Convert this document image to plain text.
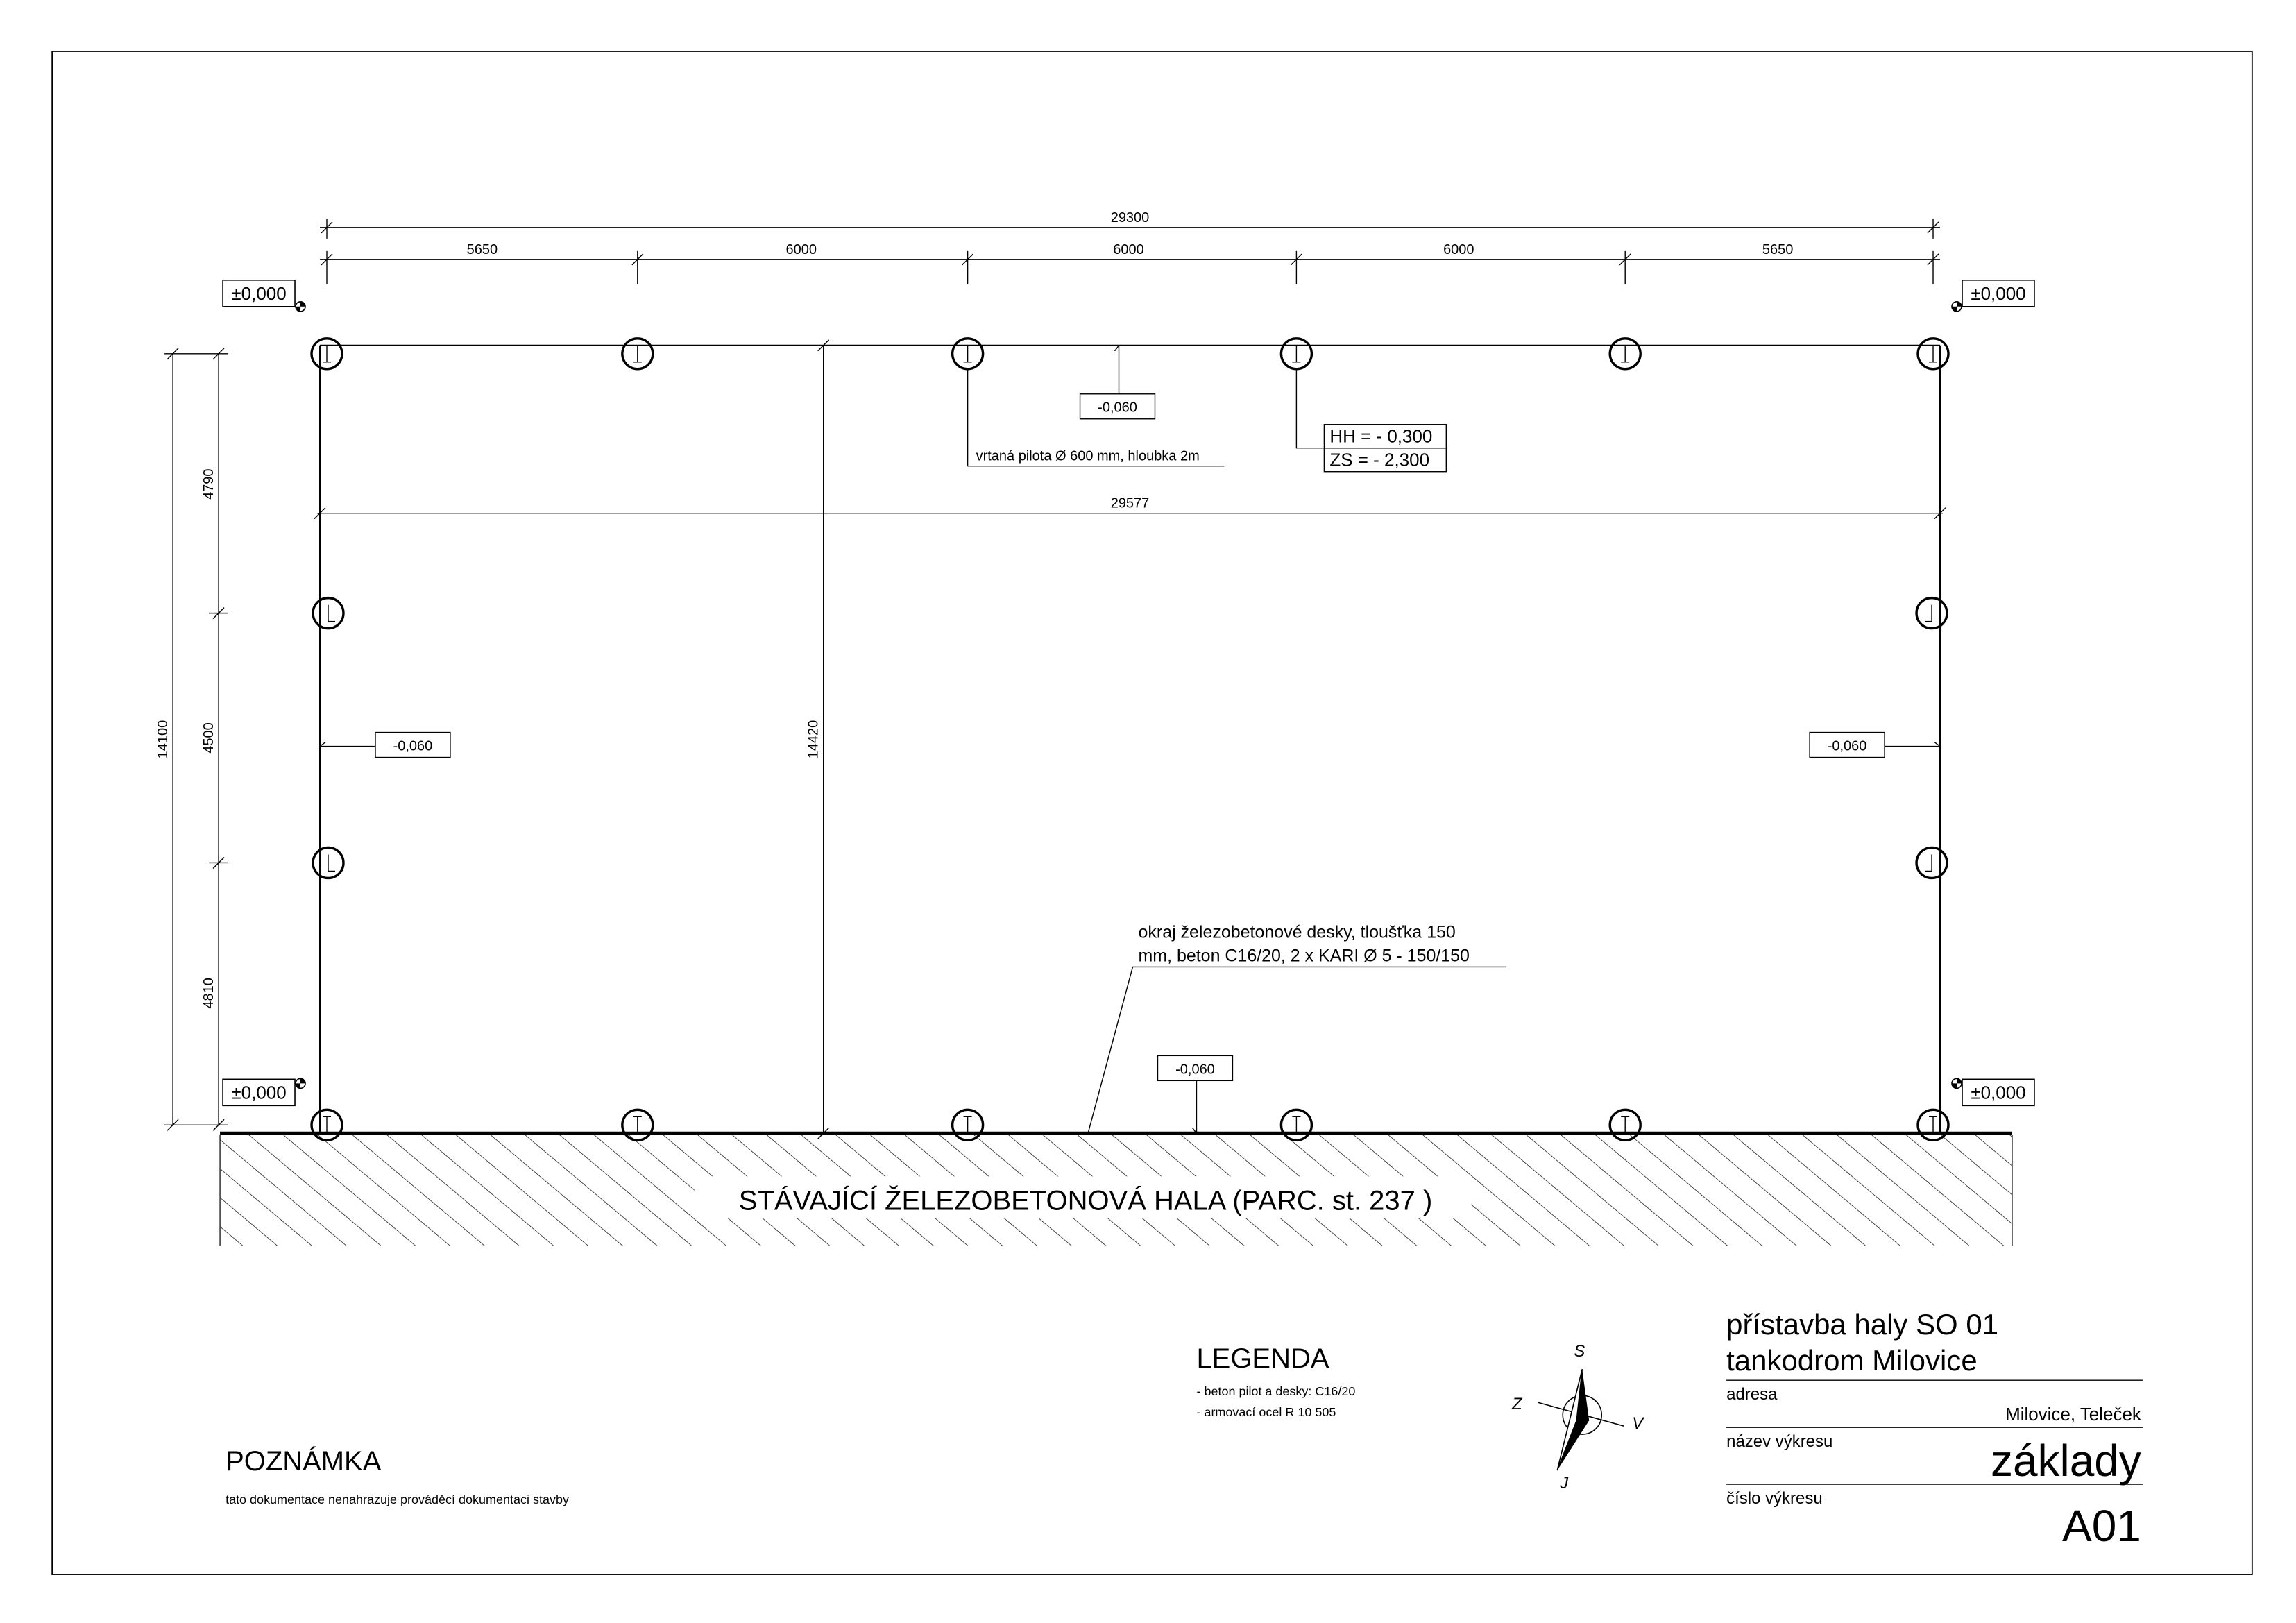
STÁVAJÍCÍ ŽELEZOBETONOVÁ HALA (PARC. st. 237 )
29300
5650	6000	6000	6000	5650
29577
14100
4790
4500
4810
14420
±0,000	±0,000
±0,000	±0,000
-0,060
-0,060	-0,060
-0,060
vrtaná pilota Ø 600 mm, hloubka 2m
HH = - 0,300
ZS = - 2,300
okraj železobetonové desky, tloušťka 150
mm, beton C16/20, 2 x KARI Ø 5 - 150/150
LEGENDA
- beton pilot a desky: C16/20
- armovací ocel R 10 505
S
J
Z
V
POZNÁMKA
tato dokumentace nenahrazuje prováděcí dokumentaci stavby
přístavba haly SO 01
tankodrom Milovice
adresa
Milovice, Teleček
název výkresu	základy
číslo výkresu
A01
